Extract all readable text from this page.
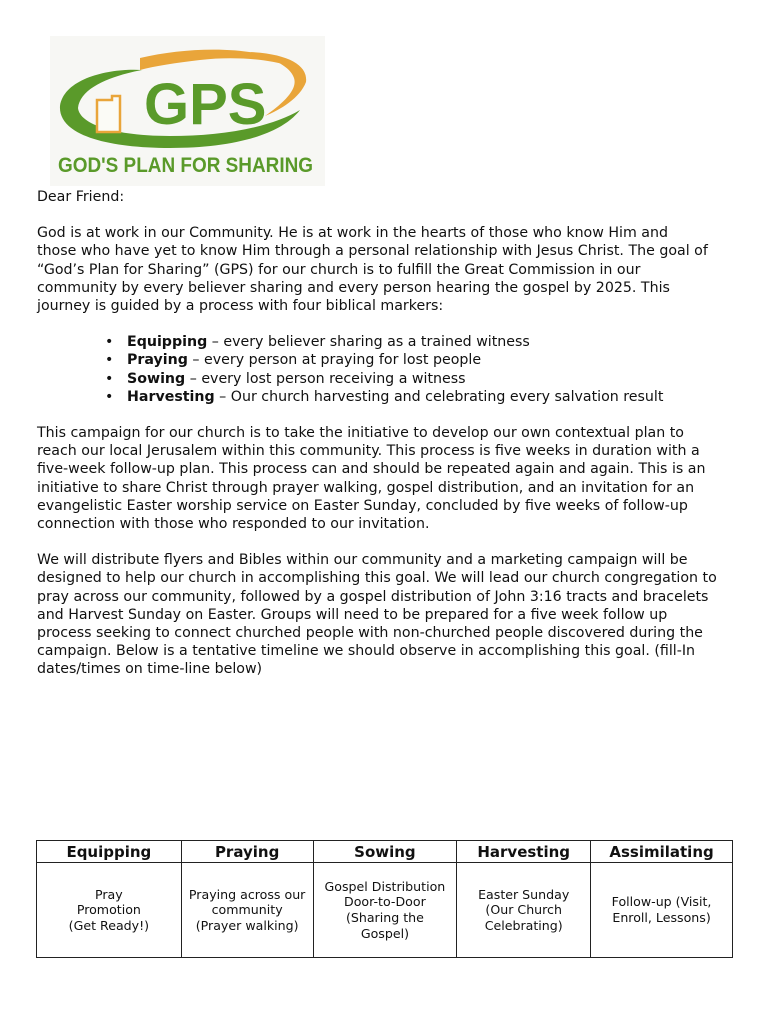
GPS
GOD'S PLAN FOR SHARING

Dear Friend:

God is at work in our Community. He is at work in the hearts of those who know Him and
those who have yet to know Him through a personal relationship with Jesus Christ. The goal of
“God’s Plan for Sharing” (GPS) for our church is to fulfill the Great Commission in our
community by every believer sharing and every person hearing the gospel by 2025. This
journey is guided by a process with four biblical markers:
• Equipping – every believer sharing as a trained witness
• Praying – every person at praying for lost people
• Sowing – every lost person receiving a witness
• Harvesting – Our church harvesting and celebrating every salvation result
This campaign for our church is to take the initiative to develop our own contextual plan to
reach our local Jerusalem within this community. This process is five weeks in duration with a
five-week follow-up plan. This process can and should be repeated again and again. This is an
initiative to share Christ through prayer walking, gospel distribution, and an invitation for an
evangelistic Easter worship service on Easter Sunday, concluded by five weeks of follow-up
connection with those who responded to our invitation.
We will distribute flyers and Bibles within our community and a marketing campaign will be
designed to help our church in accomplishing this goal. We will lead our church congregation to
pray across our community, followed by a gospel distribution of John 3:16 tracts and bracelets
and Harvest Sunday on Easter. Groups will need to be prepared for a five week follow up
process seeking to connect churched people with non-churched people discovered during the
campaign. Below is a tentative timeline we should observe in accomplishing this goal. (fill-In
dates/times on time-line below)
Equipping	Praying	Sowing	Harvesting	Assimilating

Pray
Promotion
(Get Ready!)	Praying across our
community
(Prayer walking)	Gospel Distribution
Door-to-Door
(Sharing the
Gospel)	Easter Sunday
(Our Church
Celebrating)	Follow-up (Visit,
Enroll, Lessons)
